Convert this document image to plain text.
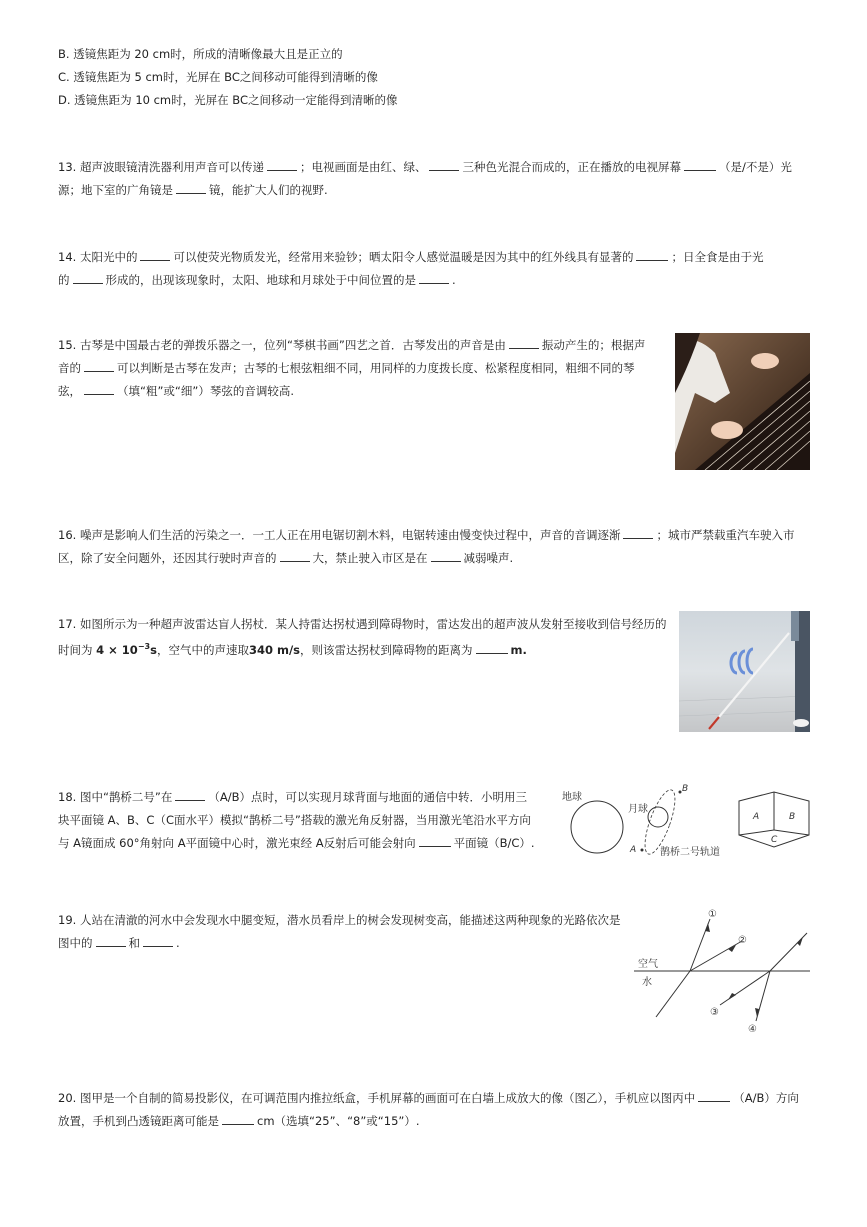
B. 透镜焦距为 20 cm时，所成的清晰像最大且是正立的
C. 透镜焦距为 5 cm时，光屏在 BC之间移动可能得到清晰的像
D. 透镜焦距为 10 cm时，光屏在 BC之间移动一定能得到清晰的像
13. 超声波眼镜清洗器利用声音可以传递	；电视画面是由红、绿、	三种色光混合而成的，正在播放的电视屏幕	（是/不是）光
源；地下室的广角镜是	镜，能扩大人们的视野.
14. 太阳光中的	可以使荧光物质发光，经常用来验钞；晒太阳令人感觉温暖是因为其中的红外线具有显著的	；日全食是由于光
的	形成的，出现该现象时，太阳、地球和月球处于中间位置的是	.
15. 古琴是中国最古老的弹拨乐器之一，位列“琴棋书画”四艺之首．古琴发出的声音是由	振动产生的；根据声
音的	可以判断是古琴在发声；古琴的七根弦粗细不同，用同样的力度拨长度、松紧程度相同，粗细不同的琴
弦，	（填“粗”或“细”）琴弦的音调较高.
16. 噪声是影响人们生活的污染之一．一工人正在用电锯切割木料，电锯转速由慢变快过程中，声音的音调逐渐	；城市严禁载重汽车驶入市
区，除了安全问题外，还因其行驶时声音的	大，禁止驶入市区是在	减弱噪声.
17. 如图所示为一种超声波雷达盲人拐杖．某人持雷达拐杖遇到障碍物时，雷达发出的超声波从发射至接收到信号经历的
时间为 $4 \times 10^{-3}s$，空气中的声速取340 m/s，则该雷达拐杖到障碍物的距离为	m.
18. 图中“鹊桥二号”在	（A/B）点时，可以实现月球背面与地面的通信中转．小明用三
块平面镜 A、B、C（C面水平）模拟“鹊桥二号”搭载的激光角反射器，当用激光笔沿水平方向
与 A镜面成 60°角射向 A平面镜中心时，激光束经 A反射后可能会射向	平面镜（B/C）.
地球
月球
B
A 鹊桥二号轨道
A	B
C
19. 人站在清澈的河水中会发现水中腿变短，潜水员看岸上的树会发现树变高，能描述这两种现象的光路依次是
图中的	和	.
空气
水
①
②
③
④
20. 图甲是一个自制的简易投影仪，在可调范围内推拉纸盒，手机屏幕的画面可在白墙上成放大的像（图乙），手机应以图丙中	（A/B）方向
放置，手机到凸透镜距离可能是	cm（选填“25”、“8”或“15”）.
